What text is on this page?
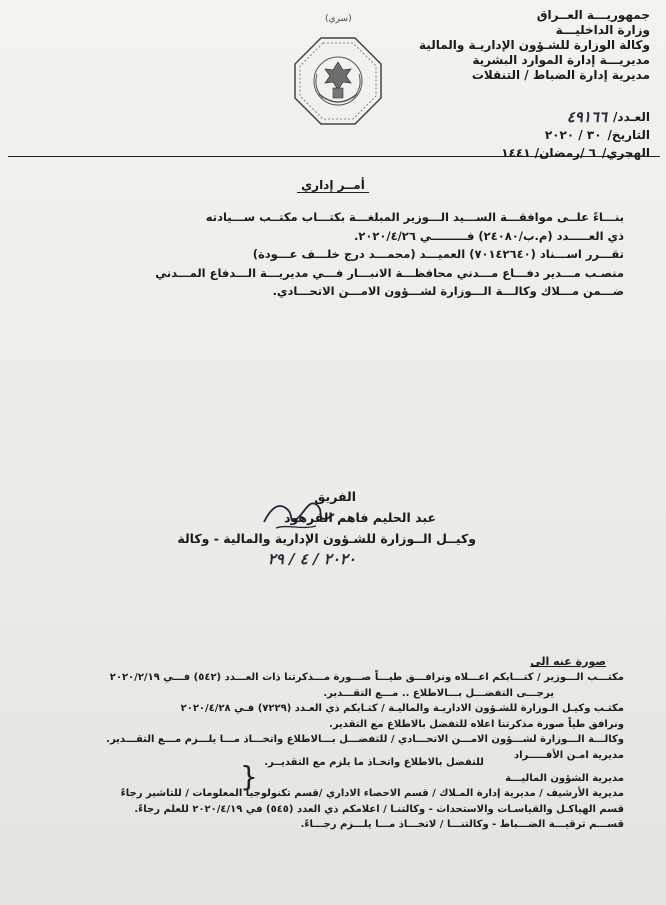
جمهوريـــة العــراق
وزارة الداخليـــة
وكالة الوزارة للشـؤون الإداريـة والمالية
مديريـــة إدارة الموارد البشرية
مديرية إدارة الضباط / التنقلات
(سري)
العـدد/
٤٩١٦٦
التاريخ/
٣٠ / ٢٠٢٠
الهجري/
٦ /رمضان/ ١٤٤١
أمــر إداري

بنـــاءً علــى موافقـــة الســـيد الـــوزير المبلغـــة بكتـــاب مكتــب ســـيادته

ذي العـــــدد (م.ب/٢٤٠٨٠) فـــــــــي ٢٠٢٠/٤/٢٦.

تقـــرر اســـناد (٧٠١٤٢٦٤٠) العميـــد (محمـــد درج خلـــف عـــودة)

منصـب مـــدير دفـــاع مـــدني محافظـــة الانبـــار فـــي مديريـــة الـــدفاع المـــدني

ضـــمن مـــلاك وكالـــة الـــوزارة لشـــؤون الامـــن الاتحـــادي.

الفريق
عبد الحليم فاهم الفرهود
وكيــل الــوزارة للشـؤون الإدارية والمالية - وكالة
٢٠٢٠ / ٤ / ٢٩
صورة عنه الى

مكتـــب الـــوزير / كتـــابكم اعـــلاه ونرافـــق طيـــاً صـــورة مـــذكرتنا ذات العـــدد (٥٤٢) فـــي ٢٠٢٠/٢/١٩

يرجـــى التفضـــل بـــالاطلاع .. مـــع التقـــدير.

مكتـب وكيـل الـوزارة للشـؤون الاداريـة والماليـة / كتـابكم ذي العـدد (٧٢٢٩) فـي ٢٠٢٠/٤/٢٨

ونرافق طياً صورة مذكرتنا اعلاه للتفضل بالاطلاع مع التقدير.

وكالـــة الـــوزارة لشـــؤون الامـــن الاتحـــادي / للتفضـــل بـــالاطلاع واتخـــاذ مـــا يلـــزم مـــع التقـــدير.

مديرية امـن الأفـــــراد
للتفضل بالاطلاع واتخـاذ ما يلزم مع التقديــر.

مديرية الشؤون الماليـــة

مديرية الأرشيف / مديرية إدارة المـلاك / قسم الاحصاء الاداري /قسم تكنولوجيا المعلومات / للتاشير رجاءً

قسم الهياكـل والقياسـات والاستحداث - وكالتنـا / اعلامكم ذي العدد (٥٤٥) في ٢٠٢٠/٤/١٩ للعلم رجاءً.

قســـم ترقيـــة الضـــباط - وكالتنـــا / لاتخـــاذ مـــا يلـــزم رجـــاءً.

}
